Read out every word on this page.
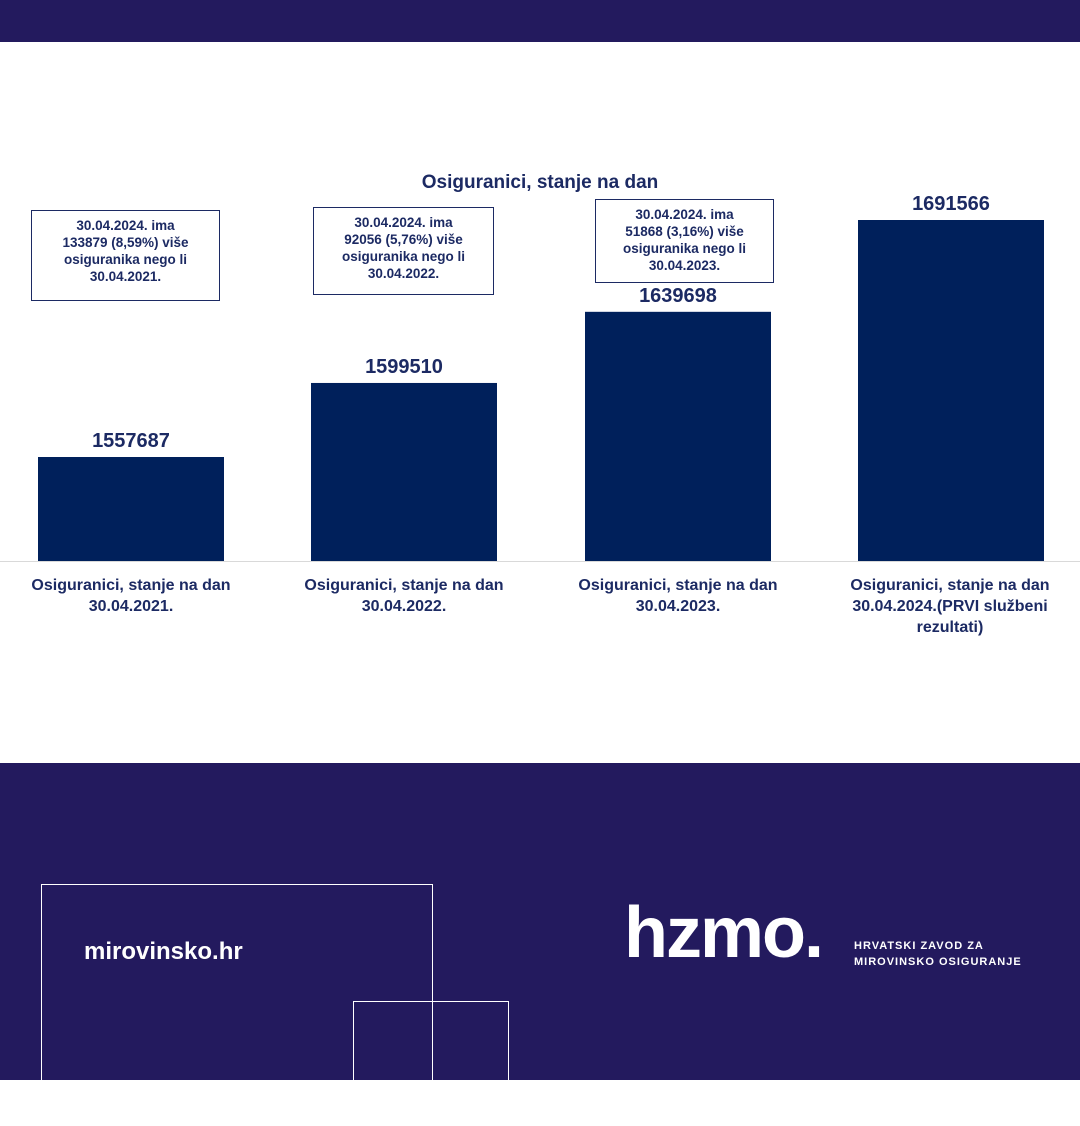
Osiguranici, stanje na dan
30.04.2024. ima
133879 (8,59%) više
osiguranika nego li
30.04.2021.
30.04.2024. ima
92056 (5,76%) više
osiguranika nego li
30.04.2022.
30.04.2024. ima
51868 (3,16%) više
osiguranika nego li
30.04.2023.
1557687
1599510
1639698
1691566
Osiguranici, stanje na dan
30.04.2021.
Osiguranici, stanje na dan
30.04.2022.
Osiguranici, stanje na dan
30.04.2023.
Osiguranici, stanje na dan
30.04.2024.(PRVI službeni
rezultati)
mirovinsko.hr	hzmo.	HRVATSKI ZAVOD ZA
MIROVINSKO OSIGURANJE
